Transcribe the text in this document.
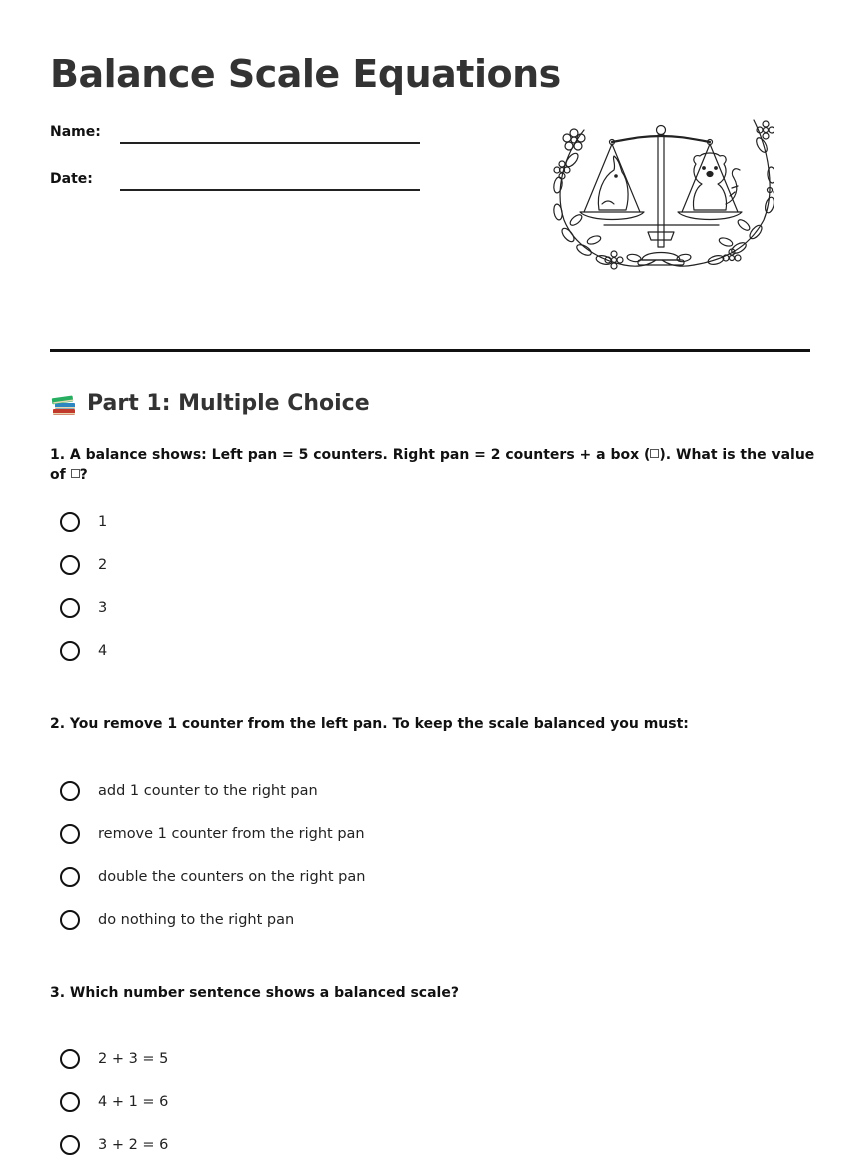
Balance Scale Equations
Name:
Date:
Part 1: Multiple Choice

1. A balance shows: Left pan = 5 counters. Right pan = 2 counters + a box ( ). What is the value of ?

1
2
3
4

2. You remove 1 counter from the left pan. To keep the scale balanced you must:

add 1 counter to the right pan
remove 1 counter from the right pan
double the counters on the right pan
do nothing to the right pan

3. Which number sentence shows a balanced scale?

2 + 3 = 5
4 + 1 = 6
3 + 2 = 6
